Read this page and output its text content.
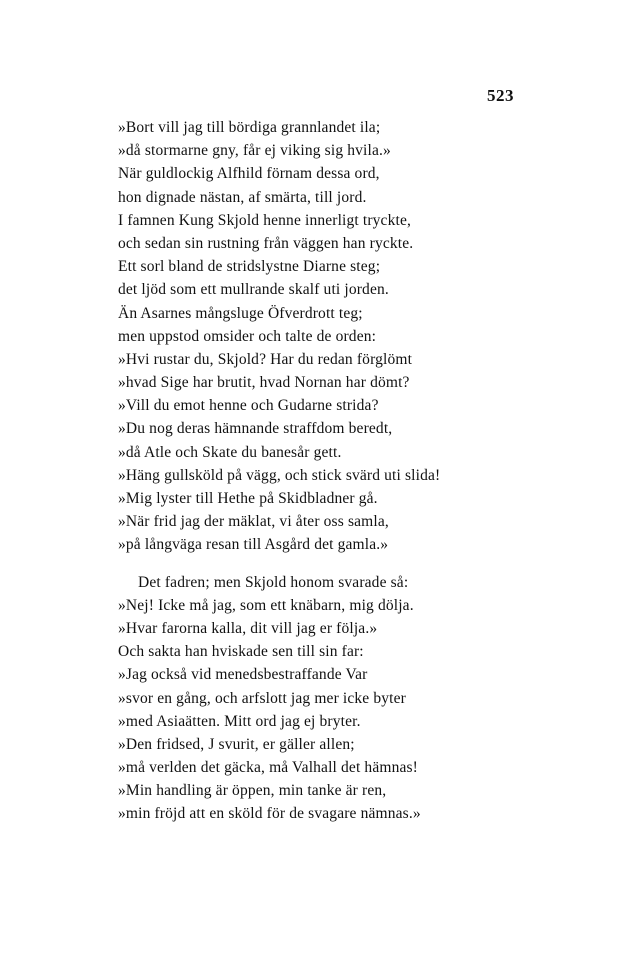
523
»Bort vill jag till bördiga grannlandet ila;
»då stormarne gny, får ej viking sig hvila.»
När guldlockig Alfhild förnam dessa ord,
hon dignade nästan, af smärta, till jord.
I famnen Kung Skjold henne innerligt tryckte,
och sedan sin rustning från väggen han ryckte.
Ett sorl bland de stridslystne Diarne steg;
det ljöd som ett mullrande skalf uti jorden.
Än Asarnes mångsluge Öfverdrott teg;
men uppstod omsider och talte de orden:
»Hvi rustar du, Skjold? Har du redan förglömt
»hvad Sige har brutit, hvad Nornan har dömt?
»Vill du emot henne och Gudarne strida?
»Du nog deras hämnande straffdom beredt,
»då Atle och Skate du banesår gett.
»Häng gullsköld på vägg, och stick svärd uti slida!
»Mig lyster till Hethe på Skidbladner gå.
»När frid jag der mäklat, vi åter oss samla,
»på långväga resan till Asgård det gamla.»
Det fadren; men Skjold honom svarade så:
»Nej! Icke må jag, som ett knäbarn, mig dölja.
»Hvar farorna kalla, dit vill jag er följa.»
Och sakta han hviskade sen till sin far:
»Jag också vid menedsbestraffande Var
»svor en gång, och arfslott jag mer icke byter
»med Asiaätten. Mitt ord jag ej bryter.
»Den fridsed, J svurit, er gäller allen;
»må verlden det gäcka, må Valhall det hämnas!
»Min handling är öppen, min tanke är ren,
»min fröjd att en sköld för de svagare nämnas.»
